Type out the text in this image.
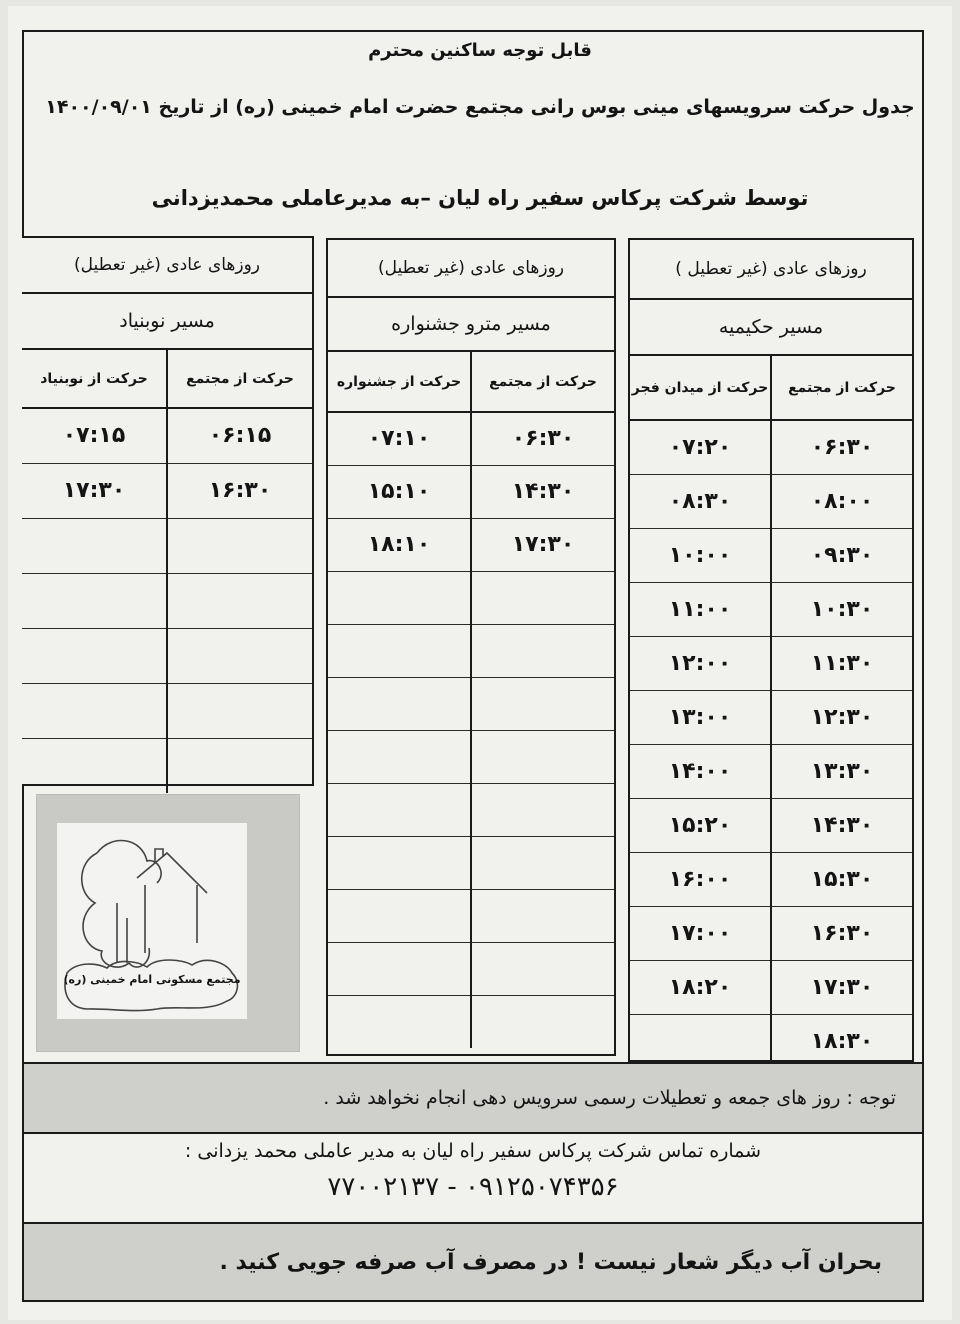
قابل توجه ساکنین محترم
جدول حرکت سرویسهای مینی بوس رانی مجتمع حضرت امام خمینی (ره) از تاریخ ۱۴۰۰/۰۹/۰۱
توسط شرکت پرکاس سفیر راه لیان –به مدیرعاملی محمدیزدانی
روزهای عادی (غیر تعطیل )
مسیر حکیمیه
حرکت از مجتمع	حرکت از میدان فجر
۰۶:۳۰	۰۷:۲۰
۰۸:۰۰	۰۸:۳۰
۰۹:۳۰	۱۰:۰۰
۱۰:۳۰	۱۱:۰۰
۱۱:۳۰	۱۲:۰۰
۱۲:۳۰	۱۳:۰۰
۱۳:۳۰	۱۴:۰۰
۱۴:۳۰	۱۵:۲۰
۱۵:۳۰	۱۶:۰۰
۱۶:۳۰	۱۷:۰۰
۱۷:۳۰	۱۸:۲۰
۱۸:۳۰	
روزهای عادی (غیر تعطیل)
مسیر مترو جشنواره
حرکت از مجتمع	حرکت از جشنواره
۰۶:۳۰	۰۷:۱۰
۱۴:۳۰	۱۵:۱۰
۱۷:۳۰	۱۸:۱۰

روزهای عادی (غیر تعطیل)
مسیر نوبنیاد
حرکت از مجتمع	حرکت از نوبنیاد
۰۶:۱۵	۰۷:۱۵
۱۶:۳۰	۱۷:۳۰

مجتمع مسکونی امام خمینی (ره)
توجه : روز های جمعه و تعطیلات رسمی سرویس دهی انجام نخواهد شد .
شماره تماس شرکت پرکاس سفیر راه لیان به مدیر عاملی محمد یزدانی :
۰۹۱۲۵۰۷۴۳۵۶ - ۷۷۰۰۲۱۳۷
بحران آب دیگر شعار نیست ! در مصرف آب صرفه جویی کنید .
